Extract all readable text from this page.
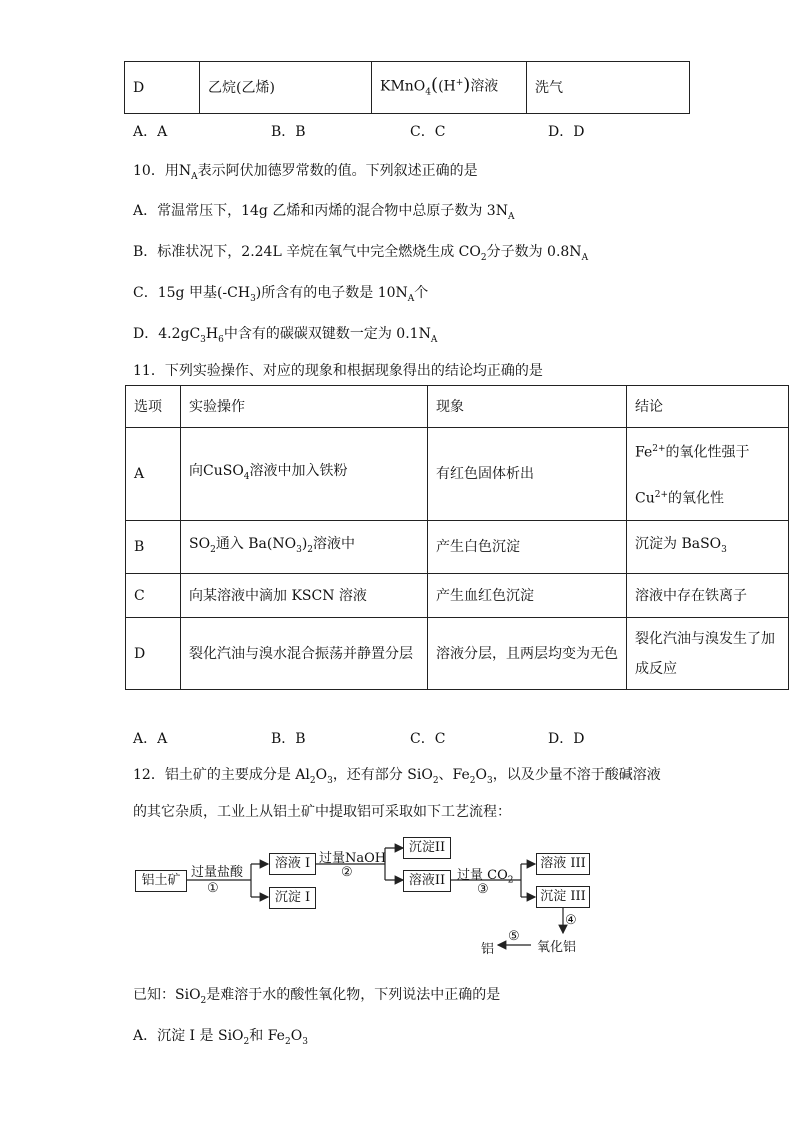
D	乙烷(乙烯)	KMnO$_4$((H+)溶液	洗气
A．A	B．B	C．C	D．D
10．用$N_A$表示阿伏加德罗常数的值。下列叙述正确的是
A．常温常压下，14g 乙烯和丙烯的混合物中总原子数为 $3N_A$
B．标准状况下，2.24L 辛烷在氧气中完全燃烧生成 $CO_2$分子数为 $0.8N_A$
C．15g 甲基$(-CH_3)$所含有的电子数是 $10N_A$个
D．$4.2gC_3H_6$中含有的碳碳双键数一定为 $0.1N_A$
11．下列实验操作、对应的现象和根据现象得出的结论均正确的是
选项	实验操作	现象	结论
A	向CuSO$_4$溶液中加入铁粉	有红色固体析出	$Fe^{2+}$的氧化性强于
$Cu^{2+}$的氧化性

B	$SO_2$通入 $Ba(NO_3)_2$溶液中	产生白色沉淀	沉淀为 BaSO$_3$
C	向某溶液中滴加 KSCN 溶液	产生血红色沉淀	溶液中存在铁离子
D	裂化汽油与溴水混合振荡并静置分层	溶液分层，且两层均变为无色	裂化汽油与溴发生了加
成反应
A．A	B．B	C．C	D．D
12．铝土矿的主要成分是 $Al_2O_3$，还有部分 SiO$_2$、$Fe_2O_3$，以及少量不溶于酸碱溶液
的其它杂质，工业上从铝土矿中提取铝可采取如下工艺流程：
铝土矿
过量盐酸
①
溶液 I
沉淀 I
过量NaOH
②
沉淀II
溶液II 过量 $CO_2$
③
溶液 III
沉淀 III
④
氧化铝
⑤
铝
已知：SiO$_2$是难溶于水的酸性氧化物，下列说法中正确的是
A．沉淀 I 是 SiO$_2$和 $Fe_2O_3$
